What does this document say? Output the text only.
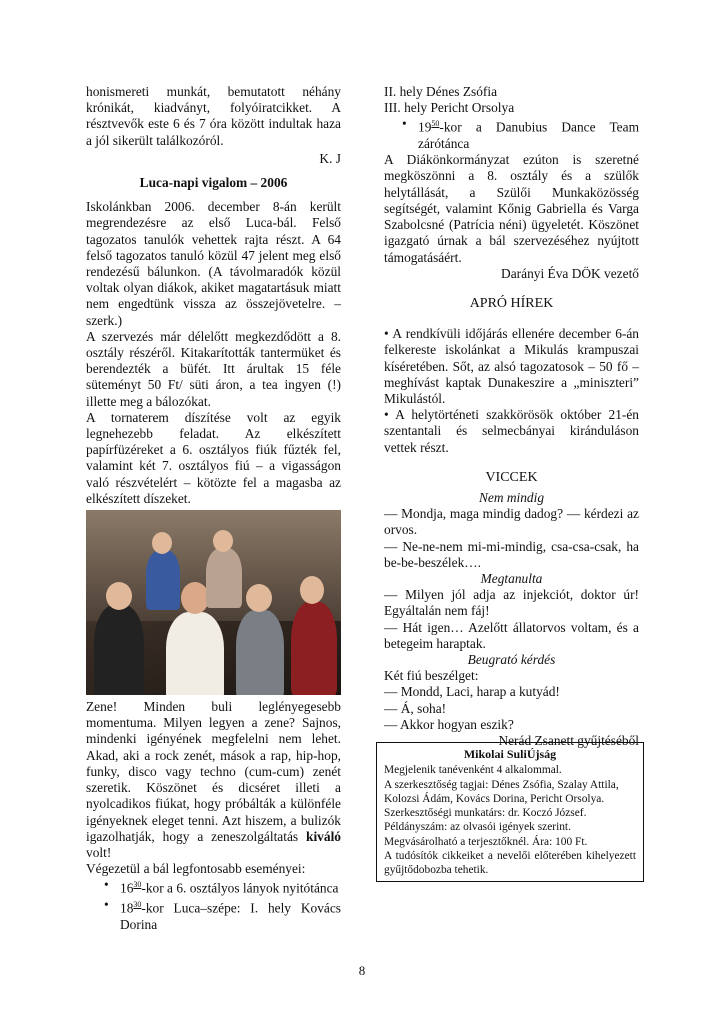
honismereti munkát, bemutatott néhány krónikát, kiadványt, folyóiratcikket. A résztvevők este 6 és 7 óra között indultak haza a jól sikerült találkozóról.

K. J

Luca-napi vigalom – 2006

Iskolánkban 2006. december 8-án került megrendezésre az első Luca-bál. Felső tagozatos tanulók vehettek rajta részt. A 64 felső tagozatos tanuló közül 47 jelent meg első rendezésű bálunkon. (A távolmaradók közül voltak olyan diákok, akiket magatartásuk miatt nem engedtünk vissza az összejövetelre. – szerk.)

A szervezés már délelőtt megkezdődött a 8. osztály részéről. Kitakarították tantermüket és berendezték a büfét. Itt árultak 15 féle süteményt 50 Ft/ süti áron, a tea ingyen (!) illette meg a bálozókat.

A tornaterem díszítése volt az egyik legnehezebb feladat. Az elkészített papírfüzéreket a 6. osztályos fiúk fűzték fel, valamint két 7. osztályos fiú – a vigasságon való részvételért – kötözte fel a magasba az elkészített díszeket.

Zene! Minden buli leglényegesebb momentuma. Milyen legyen a zene? Sajnos, mindenki igényének megfelelni nem lehet. Akad, aki a rock zenét, mások a rap, hip-hop, funky, disco vagy techno (cum-cum) zenét szeretik. Köszönet és dicséret illeti a nyolcadikos fiúkat, hogy próbálták a különféle igényeknek eleget tenni. Azt hiszem, a bulizók igazolhatják, hogy a zeneszolgáltatás kiváló volt!

Végezetül a bál legfontosabb eseményei:

• $16^{30}$-kor a 6. osztályos lányok nyitótánca
• $18^{30}$-kor Luca–szépe: I. hely Kovács Dorina

II. hely Dénes Zsófia

III. hely Pericht Orsolya

• $19^{50}$-kor a Danubius Dance Team zárótánca

A Diákönkormányzat ezúton is szeretné megköszönni a 8. osztály és a szülők helytállását, a Szülői Munkaközösség segítségét, valamint Kőnig Gabriella és Varga Szabolcsné (Patrícia néni) ügyeletét. Köszönet igazgató úrnak a bál szervezéséhez nyújtott támogatásáért.

Darányi Éva DÖK vezető

APRÓ HÍREK

• A rendkívüli időjárás ellenére december 6-án felkereste iskolánkat a Mikulás krampuszai kíséretében. Sőt, az alsó tagozatosok – 50 fő – meghívást kaptak Dunakeszire a „miniszteri” Mikulástól.

• A helytörténeti szakkörösök október 21-én szentantali és selmecbányai kiránduláson vettek részt.

VICCEK

Nem mindig

— Mondja, maga mindig dadog? — kérdezi az orvos.

— Ne-ne-nem mi-mi-mindig, csa-csa-csak, ha be-be-beszélek….

Megtanulta

— Milyen jól adja az injekciót, doktor úr! Egyáltalán nem fáj!

— Hát igen… Azelőtt állatorvos voltam, és a betegeim haraptak.

Beugrató kérdés

Két fiú beszélget:

— Mondd, Laci, harap a kutyád!

— Á, soha!

— Akkor hogyan eszik?

Nerád Zsanett gyűjtéséből

Mikolai SuliÚjság

Megjelenik tanévenként 4 alkalommal.

A szerkesztőség tagjai: Dénes Zsófia, Szalay Attila, Kolozsi Ádám, Kovács Dorina, Pericht Orsolya.

Szerkesztőségi munkatárs: dr. Koczó József.

Példányszám: az olvasói igények szerint.

Megvásárolható a terjesztőknél. Ára: 100 Ft.

A tudósítók cikkeiket a nevelői előterében kihelyezett gyűjtődobozba tehetik.

8
